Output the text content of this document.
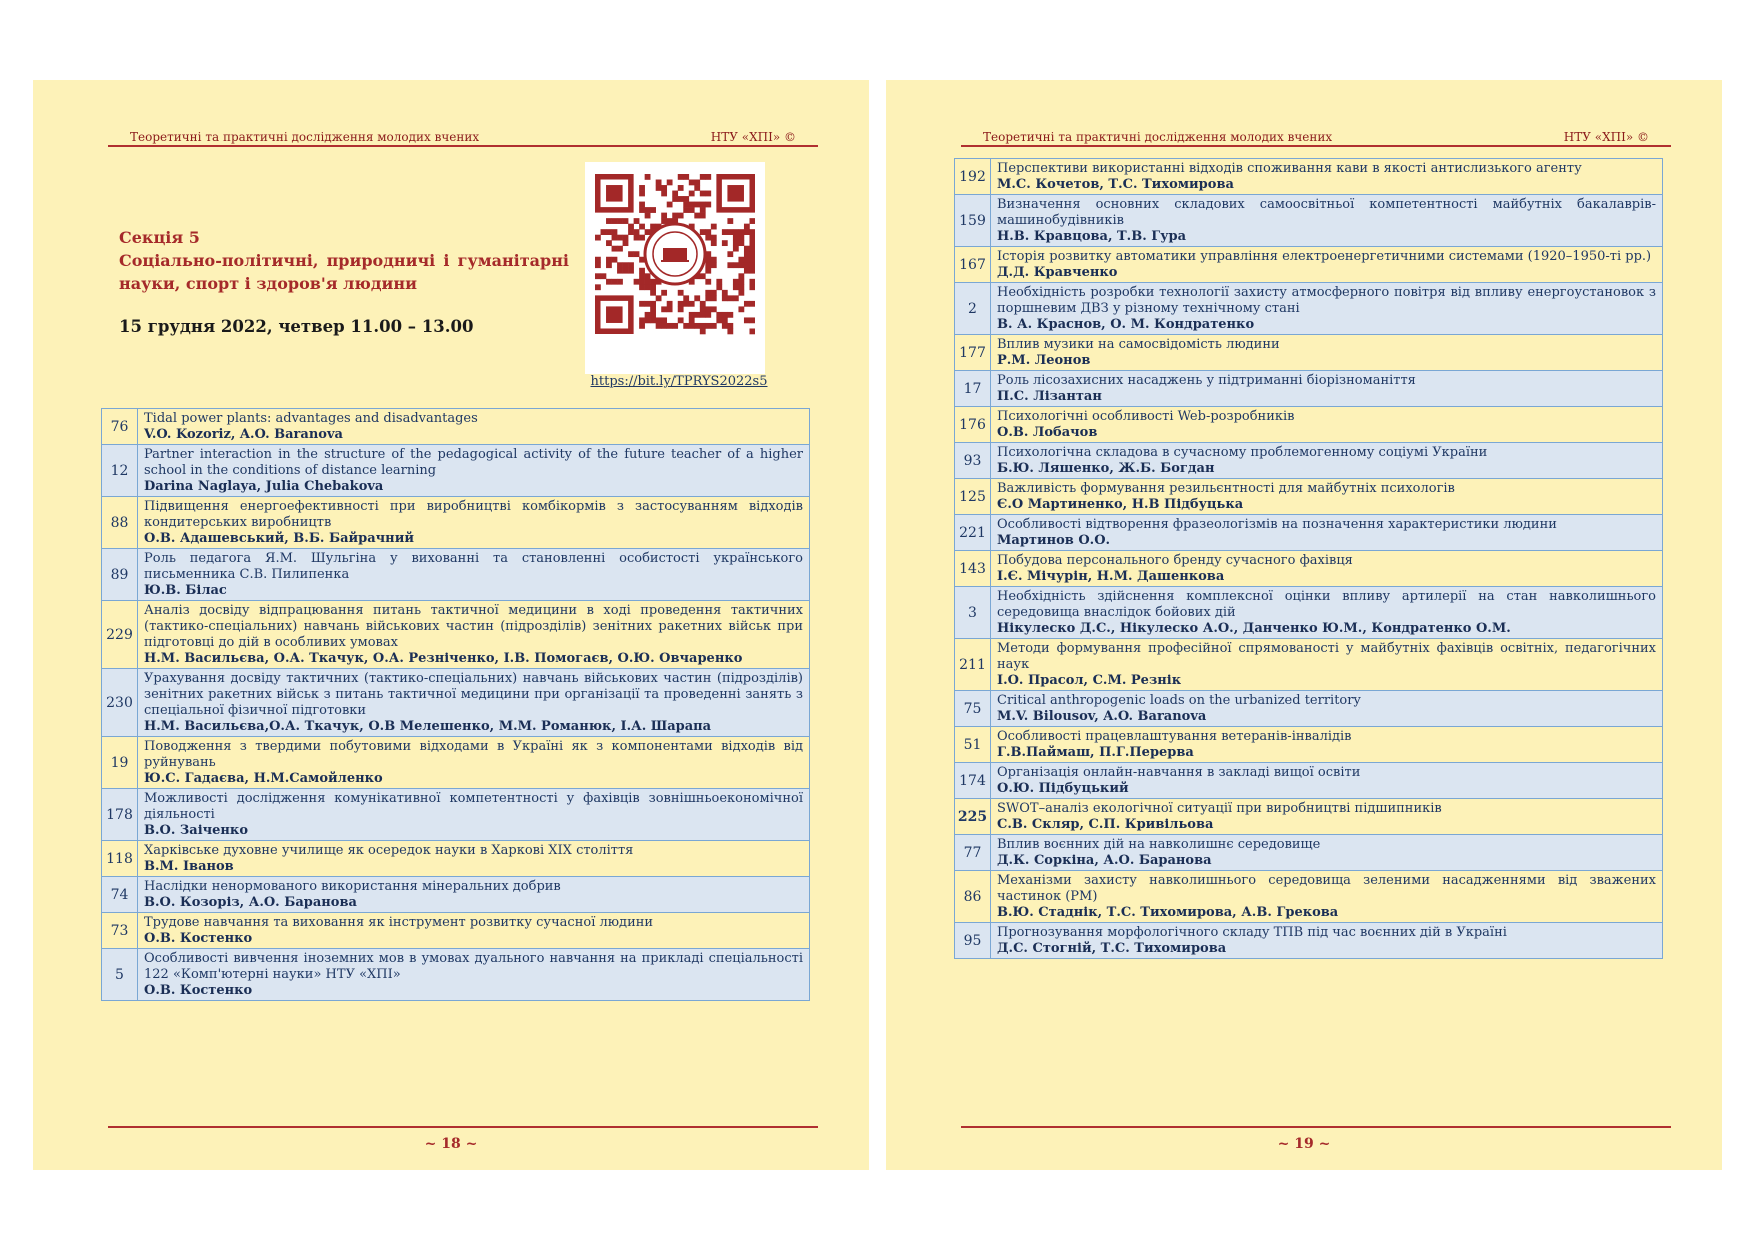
Теоретичні та практичні дослідження молодих вчених	НТУ «ХПІ» ©
Секція 5
Соціально-політичні, природничі і гуманітарні науки, спорт і здоров'я людини
15 грудня 2022, четвер 11.00 – 13.00
https://bit.ly/TPRYS2022s5
76	Tidal power plants: advantages and disadvantages
V.O. Kozoriz, A.O. Baranova

12	Partner interaction in the structure of the pedagogical activity of the future teacher of a higher school in the conditions of distance learning
Darina Naglaya, Julia Chebakova

88	Підвищення енергоефективності при виробництві комбікормів з застосуванням відходів кондитерських виробництв
О.В. Адашевський, В.Б. Байрачний

89	Роль педагога Я.М. Шульгіна у вихованні та становленні особистості українського письменника С.В. Пилипенка
Ю.В. Білас

229	Аналіз досвіду відпрацювання питань тактичної медицини в ході проведення тактичних (тактико-спеціальних) навчань військових частин (підрозділів) зенітних ракетних військ при підготовці до дій в особливих умовах
Н.М. Васильєва, О.А. Ткачук, О.А. Резніченко, І.В. Помогаєв, О.Ю. Овчаренко

230	Урахування досвіду тактичних (тактико-спеціальних) навчань військових частин (підрозділів) зенітних ракетних військ з питань тактичної медицини при організації та проведенні занять з спеціальної фізичної підготовки
Н.М. Васильєва,О.А. Ткачук, О.В Мелешенко, М.М. Романюк, І.А. Шарапа

19	Поводження з твердими побутовими відходами в Україні як з компонентами відходів від руйнувань
Ю.С. Гадаєва, Н.М.Самойленко

178	Можливості дослідження комунікативної компетентності у фахівців зовнішньоекономічної діяльності
В.О. Заіченко

118	Харківське духовне училище як осередок науки в Харкові XIX століття
В.М. Іванов

74	Наслідки ненормованого використання мінеральних добрив
В.О. Козоріз, А.О. Баранова

73	Трудове навчання та виховання як інструмент розвитку сучасної людини
О.В. Костенко

5	Особливості вивчення іноземних мов в умовах дуального навчання на прикладі спеціальності 122 «Комп'ютерні науки» НТУ «ХПІ»
О.В. Костенко
~ 18 ~
Теоретичні та практичні дослідження молодих вчених	НТУ «ХПІ» ©
192	Перспективи використанні відходів споживання кави в якості антислизького агенту
М.С. Кочетов, Т.С. Тихомирова

159	Визначення основних складових самоосвітньої компетентності майбутніх бакалаврів-машинобудівників
Н.В. Кравцова, Т.В. Гура

167	Історія розвитку автоматики управління електроенергетичними системами (1920–1950-ті рр.)
Д.Д. Кравченко

2	Необхідність розробки технології захисту атмосферного повітря від впливу енергоустановок з поршневим ДВЗ у різному технічному стані
В. А. Краснов, О. М. Кондратенко

177	Вплив музики на самосвідомість людини
Р.М. Леонов

17	Роль лісозахисних насаджень у підтриманні біорізноманіття
П.С. Лізантан

176	Психологічні особливості Web-розробників
О.В. Лобачов

93	Психологічна складова в сучасному проблемогенному соціумі України
Б.Ю. Ляшенко, Ж.Б. Богдан

125	Важливість формування резильєнтності для майбутніх психологів
Є.О Мартиненко, Н.В Підбуцька

221	Особливості відтворення фразеологізмів на позначення характеристики людини
Мартинов О.О.

143	Побудова персонального бренду сучасного фахівця
І.Є. Мічурін, Н.М. Дашенкова

3	Необхідність здійснення комплексної оцінки впливу артилерії на стан навколишнього середовища внаслідок бойових дій
Нікулеско Д.С., Нікулеско А.О., Данченко Ю.М., Кондратенко О.М.

211	Методи формування професійної спрямованості у майбутніх фахівців освітніх, педагогічних наук
І.О. Прасол, С.М. Резнік

75	Critical anthropogenic loads on the urbanized territory
M.V. Bilousov, A.O. Baranova

51	Особливості працевлаштування ветеранів-інвалідів
Г.В.Паймаш, П.Г.Перерва

174	Організація онлайн-навчання в закладі вищої освіти
О.Ю. Підбуцький

225	SWOT–аналіз екологічної ситуації при виробництві підшипників
С.В. Скляр, С.П. Кривільова

77	Вплив воєнних дій на навколишнє середовище
Д.К. Соркіна, А.О. Баранова

86	Механізми захисту навколишнього середовища зеленими насадженнями від зважених частинок (PM)
В.Ю. Стаднік, Т.С. Тихомирова, А.В. Грекова

95	Прогнозування морфологічного складу ТПВ під час воєнних дій в Україні
Д.С. Стогній, Т.С. Тихомирова
~ 19 ~
